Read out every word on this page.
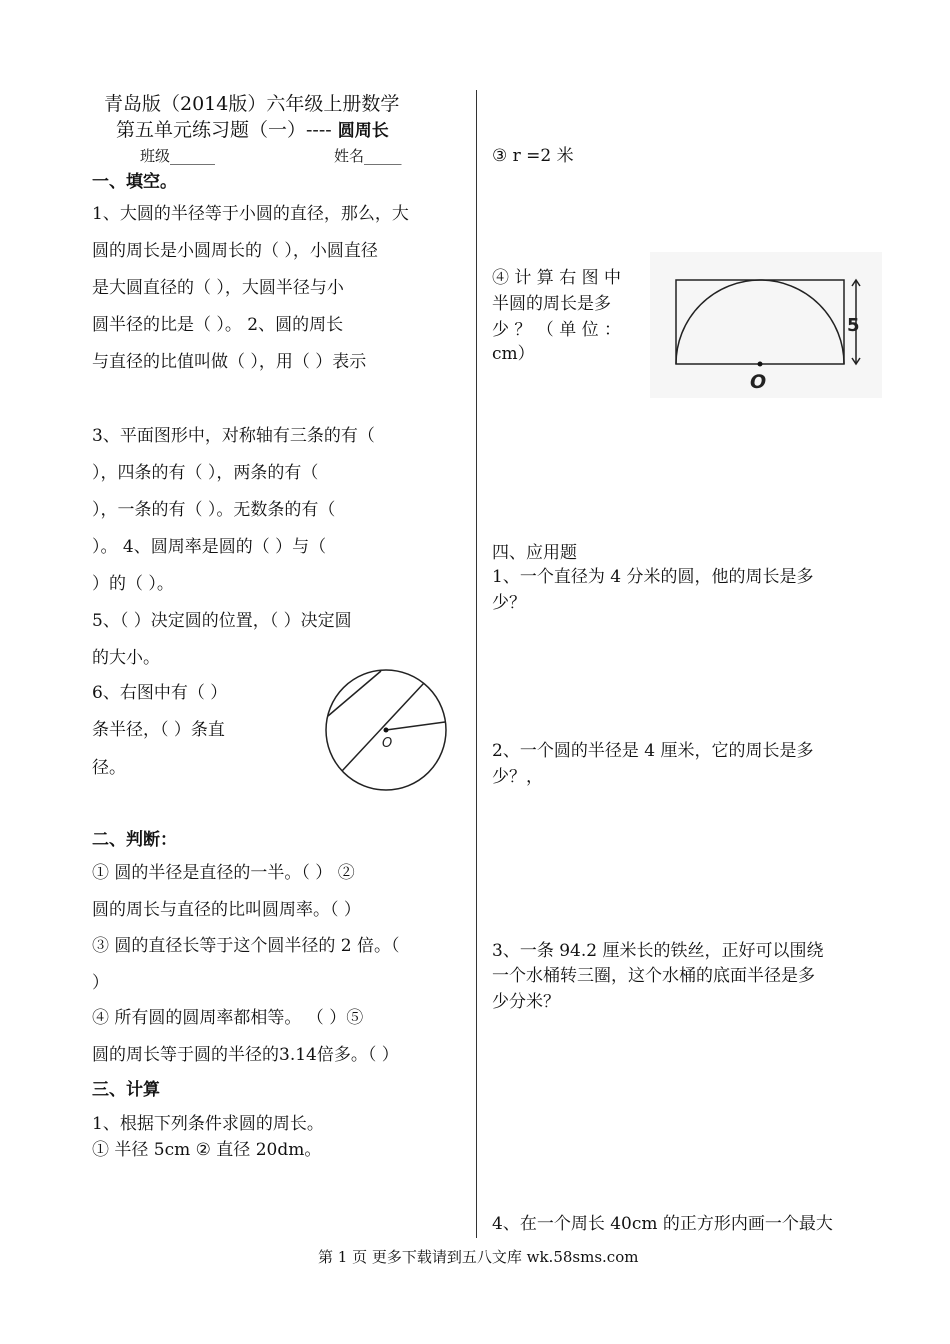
青岛版（2014版）六年级上册数学
第五单元练习题（一）---- 圆周长
班级______	姓名_____
一、填空。
1、大圆的半径等于小圆的直径，那么，大
圆的周长是小圆周长的（ ），小圆直径
是大圆直径的（ ），大圆半径与小
圆半径的比是（ ）。 2、圆的周长
与直径的比值叫做（ ），用（ ）表示
3、平面图形中，对称轴有三条的有（
），四条的有（ ），两条的有（
），一条的有（ ）。无数条的有（
）。 4、圆周率是圆的（ ）与（
）的（ ）。
5、（ ）决定圆的位置，（ ）决定圆
的大小。
6、右图中有（ ）
条半径，（ ）条直
径。
O
二、判断：
① 圆的半径是直径的一半。（ ） ②
圆的周长与直径的比叫圆周率。（ ）
③ 圆的直径长等于这个圆半径的 2 倍。（
）
④ 所有圆的圆周率都相等。 （ ）⑤
圆的周长等于圆的半径的3.14倍多。（ ）
三、计算
1、根据下列条件求圆的周长。
① 半径 5cm ② 直径 20dm。
③ r =2 米
④ 计 算 右 图 中
半圆的周长是多
少 ？ （ 单 位 ：
cm）
5
O
四、应用题
1、一个直径为 4 分米的圆，他的周长是多
少？
2、一个圆的半径是 4 厘米，它的周长是多
少？，
3、一条 94.2 厘米长的铁丝，正好可以围绕
一个水桶转三圈，这个水桶的底面半径是多
少分米？
4、在一个周长 40cm 的正方形内画一个最大
第 1 页 更多下载请到五八文库 wk.58sms.com
